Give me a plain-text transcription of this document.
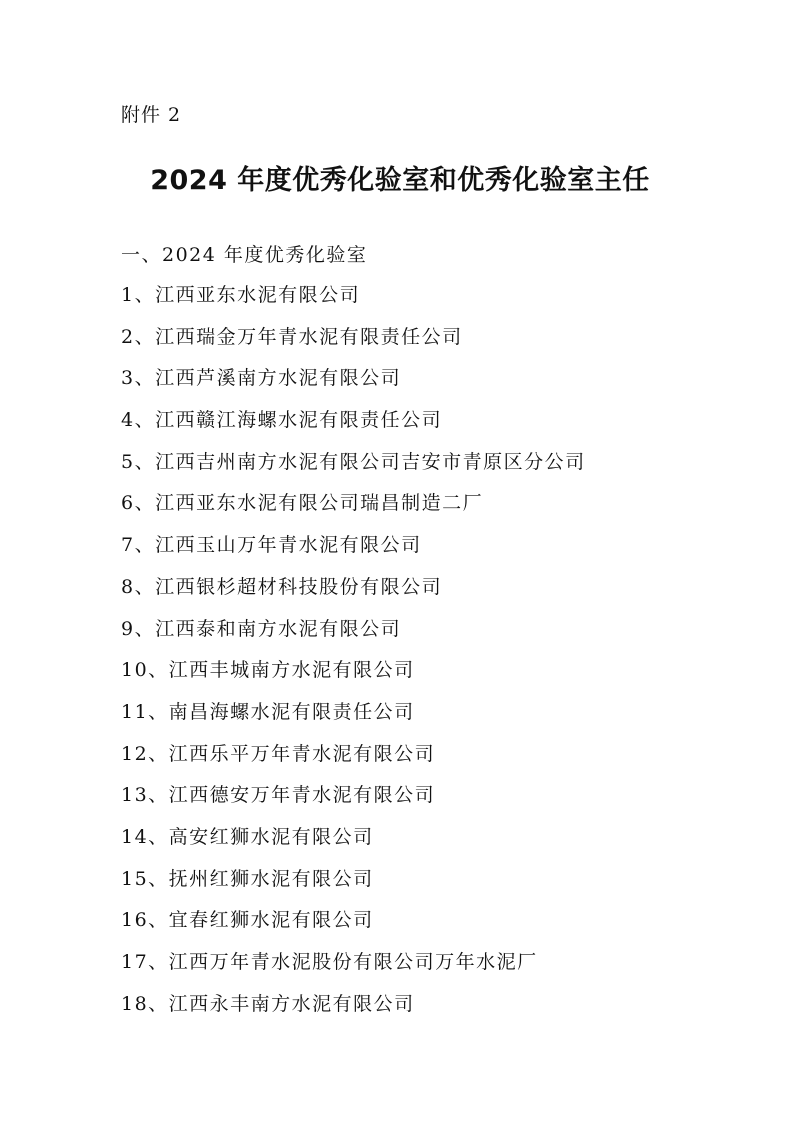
附件 2
2024 年度优秀化验室和优秀化验室主任
一、2024 年度优秀化验室
1、江西亚东水泥有限公司
2、江西瑞金万年青水泥有限责任公司
3、江西芦溪南方水泥有限公司
4、江西赣江海螺水泥有限责任公司
5、江西吉州南方水泥有限公司吉安市青原区分公司
6、江西亚东水泥有限公司瑞昌制造二厂
7、江西玉山万年青水泥有限公司
8、江西银杉超材科技股份有限公司
9、江西泰和南方水泥有限公司
10、江西丰城南方水泥有限公司
11、南昌海螺水泥有限责任公司
12、江西乐平万年青水泥有限公司
13、江西德安万年青水泥有限公司
14、高安红狮水泥有限公司
15、抚州红狮水泥有限公司
16、宜春红狮水泥有限公司
17、江西万年青水泥股份有限公司万年水泥厂
18、江西永丰南方水泥有限公司
